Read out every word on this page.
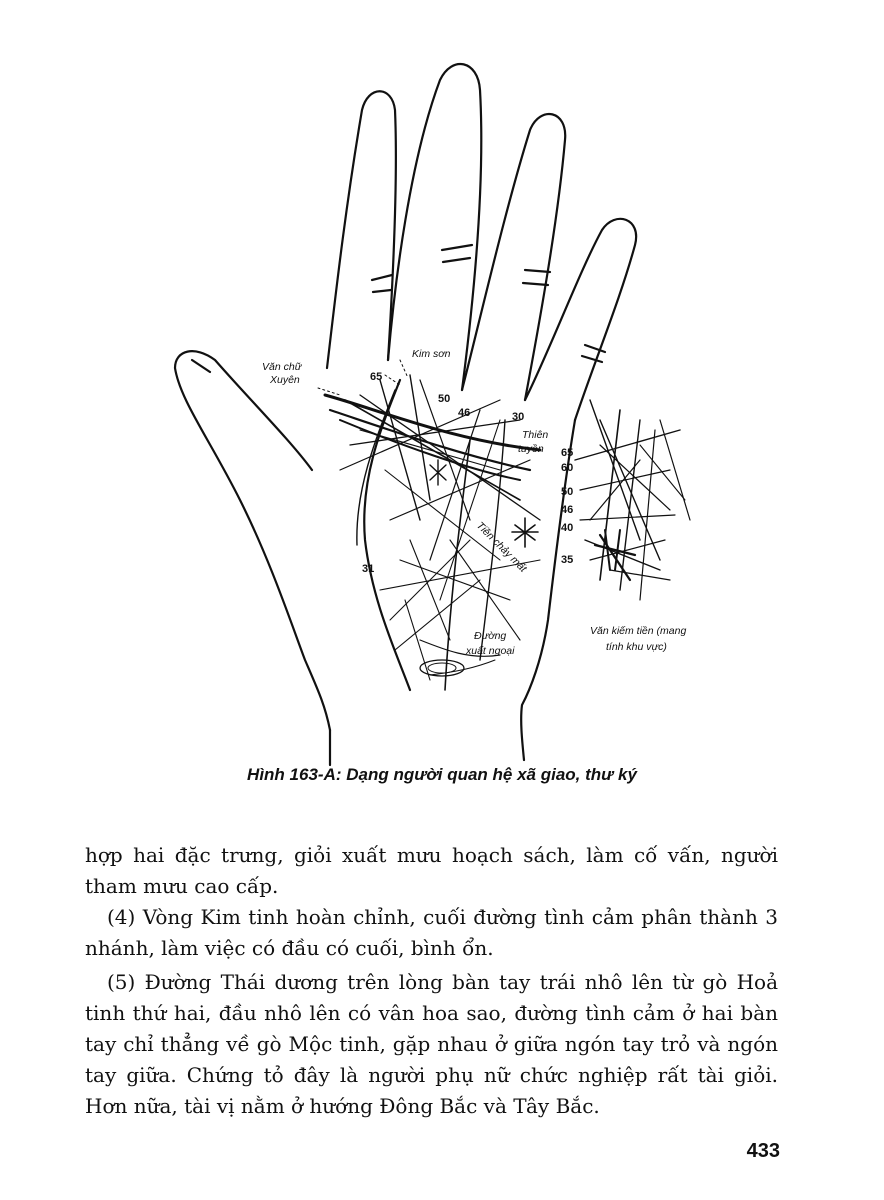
Văn chữ
Xuyên
Kim sơn
Thiên
tuyền
Tiền chảy mất
Đường
xuất ngoại
Văn kiếm tiền (mang
tính khu vực)
65
50
46	30
31
65
60
50
46
40
35
Hình 163-A: Dạng người quan hệ xã giao, thư ký

hợp hai đặc trưng, giỏi xuất mưu hoạch sách, làm cố vấn, người tham mưu cao cấp.

(4) Vòng Kim tinh hoàn chỉnh, cuối đường tình cảm phân thành 3 nhánh, làm việc có đầu có cuối, bình ổn.

(5) Đường Thái dương trên lòng bàn tay trái nhô lên từ gò Hoả tinh thứ hai, đầu nhô lên có vân hoa sao, đường tình cảm ở hai bàn tay chỉ thẳng về gò Mộc tinh, gặp nhau ở giữa ngón tay trỏ và ngón tay giữa. Chứng tỏ đây là người phụ nữ chức nghiệp rất tài giỏi. Hơn nữa, tài vị nằm ở hướng Đông Bắc và Tây Bắc.

433
